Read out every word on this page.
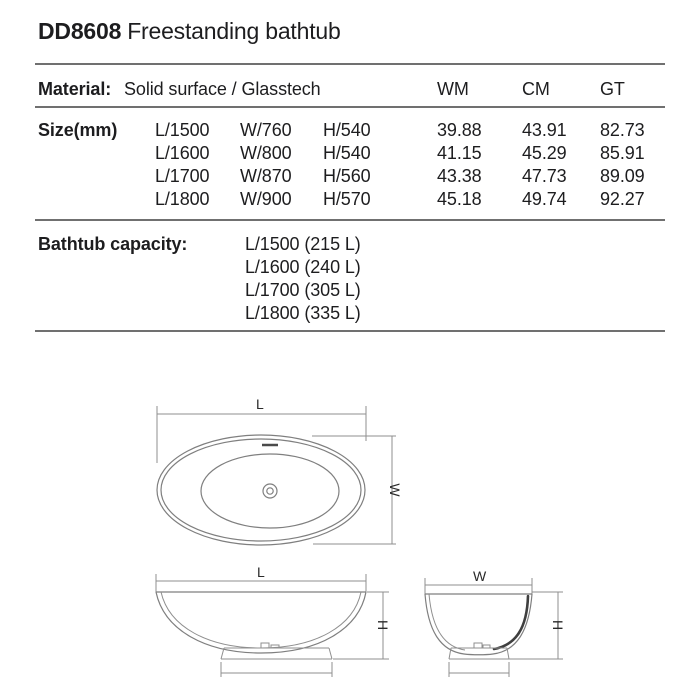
DD8608 Freestanding bathtub
Material: Solid surface / Glasstech	WM	CM	GT
Size(mm) L/1500 W/760 H/540	39.88 43.91 82.73
L/1600 W/800 H/540	41.15 45.29 85.91
L/1700 W/870 H/560	43.38 47.73 89.09
L/1800 W/900 H/570	45.18 49.74 92.27
Bathtub capacity:	L/1500 (215 L)
L/1600 (240 L)
L/1700 (305 L)
L/1800 (335 L)
L
W
L
H
W
H
